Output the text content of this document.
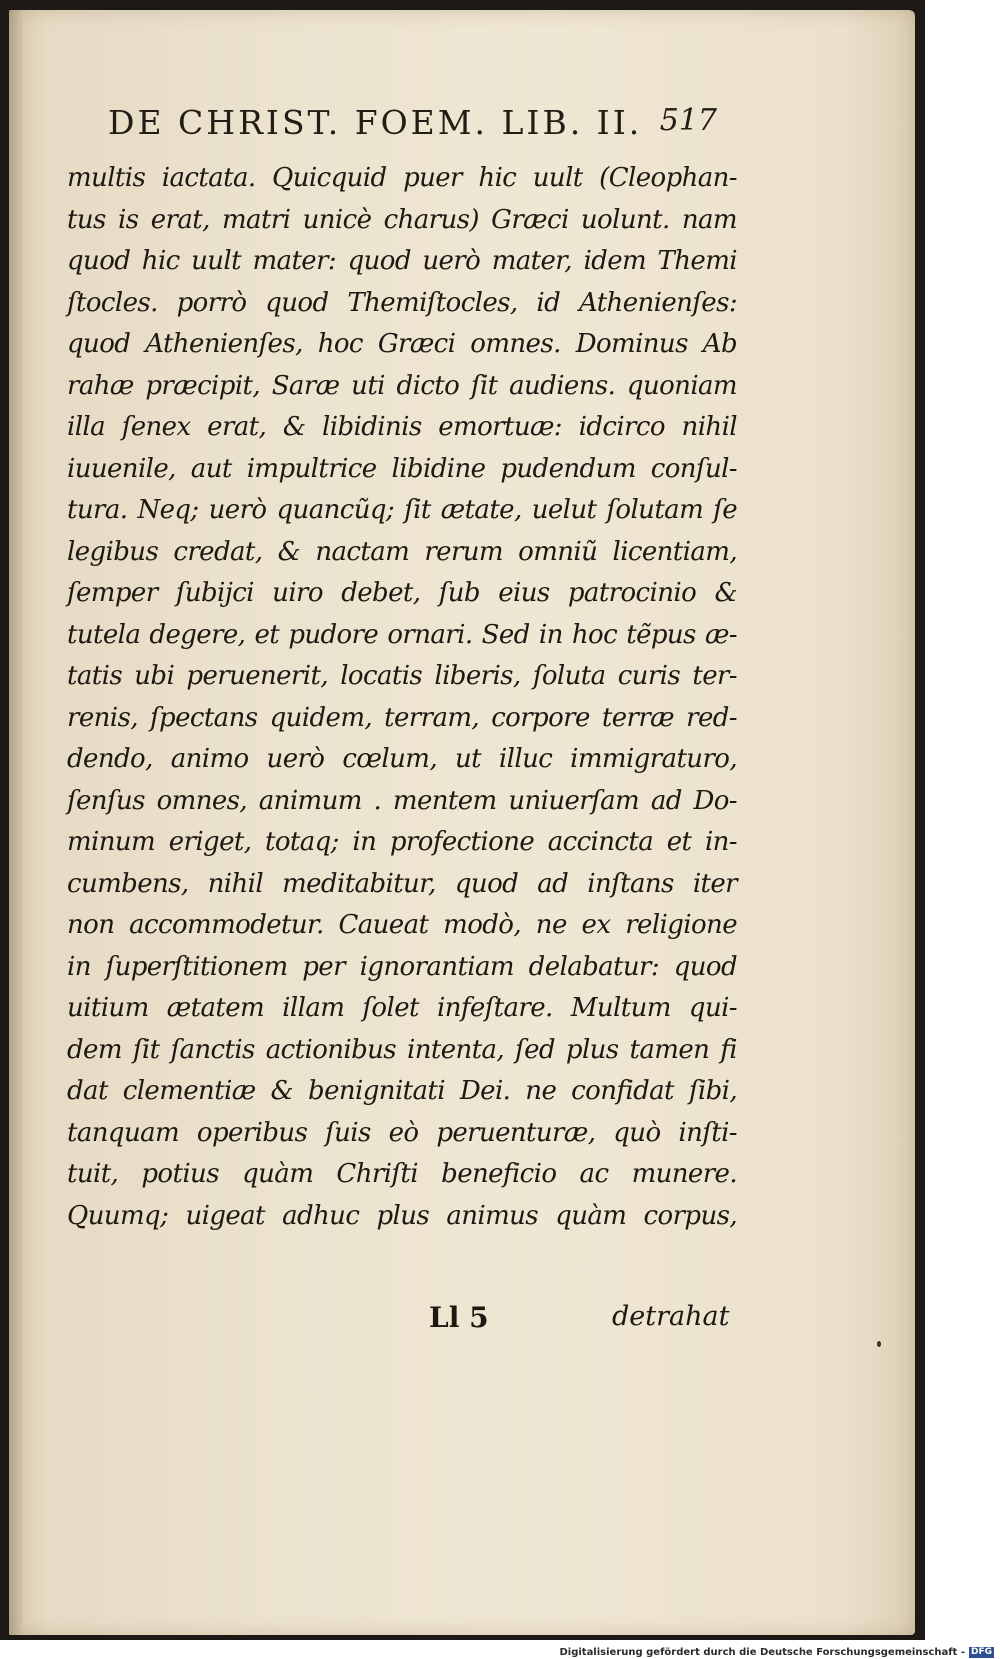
DE CHRIST. FOEM. LIB. II. 517
multis iactata. Quicquid puer hic uult (Cleophan-
tus is erat, matri unicè charus) Græci uolunt. nam
quod hic uult mater: quod uerò mater, idem Themi
ſtocles. porrò quod Themiſtocles, id Athenienſes:
quod Athenienſes, hoc Græci omnes. Dominus Ab
rahæ præcipit, Saræ uti dicto ſit audiens. quoniam
illa ſenex erat, & libidinis emortuæ: idcirco nihil
iuuenile, aut impultrice libidine pudendum conſul-
tura. Neq; uerò quancũq; ſit ætate, uelut ſolutam ſe
legibus credat, & nactam rerum omniũ licentiam,
ſemper ſubijci uiro debet, ſub eius patrocinio &
tutela degere, et pudore ornari. Sed in hoc tẽpus æ-
tatis ubi peruenerit, locatis liberis, ſoluta curis ter-
renis, ſpectans quidem, terram, corpore terræ red-
dendo, animo uerò cœlum, ut illuc immigraturo,
ſenſus omnes, animum . mentem uniuerſam ad Do-
minum eriget, totaq; in profectione accincta et in-
cumbens, nihil meditabitur, quod ad inſtans iter
non accommodetur. Caueat modò, ne ex religione
in ſuperſtitionem per ignorantiam delabatur: quod
uitium ætatem illam ſolet infeſtare. Multum qui-
dem ſit ſanctis actionibus intenta, ſed plus tamen fi
dat clementiæ & benignitati Dei. ne confidat ſibi,
tanquam operibus ſuis eò peruenturæ, quò inſti-
tuit, potius quàm Chriſti beneficio ac munere.
Quumq; uigeat adhuc plus animus quàm corpus,
Ll 5	detrahat
Digitalisierung gefördert durch die Deutsche Forschungsgemeinschaft - DFG
